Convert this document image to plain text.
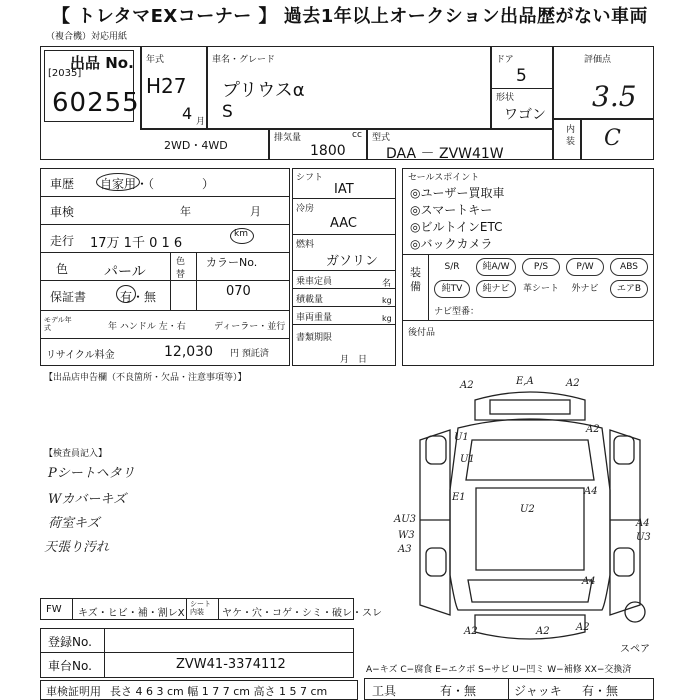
【 トレタマEXコーナー 】 過去1年以上オークション出品歴がない車両
（複合機）対応用紙
出品 No.
[2035]
60255
年式
H27
4 月
車名・グレード
プリウスα
S
ドア
5
形状
ワゴン
評価点
3.5
内装 C
2WD・4WD
排気量	cc
1800
型式
DAA － ZVW41W
車歴 自家用・（　　　　）
車検	年	月
走行 17万 1千 0 1 6
km
色	パール
色替
カラーNo.
070
保証書	有・無
モデル年式	年 ハンドル 左・右	ディーラー・並行
リサイクル料金	12,030 円 預託済
シフト
IAT
冷房
AAC
燃料
ガソリン
乗車定員	名
積載量	kg
車両重量	kg
書類期限
月　日
セールスポイント
◎ユーザー買取車
◎スマートキー
◎ビルトインETC
◎バックカメラ
装備
S/R	純A/W	P/S	P/W	ABS
純TV	純ナビ	革シート	外ナビ	エアB
ナビ型番：
後付品
【出品店申告欄（不良箇所・欠品・注意事項等）】
【検査員記入】
Pシートヘタリ
Wカバーキズ
荷室キズ
天張り汚れ
A2	E,A	A2
A2
U1
U1
E1
U2
A4
AU3
W3
A3
A4
U3
A4
A2	A2	A2
スペア
FW キズ・ヒビ・補・割レX
シート内装	ヤケ・穴・コゲ・シミ・破レ・スレ
登録No.
車台No.	ZVW41-3374112
車検証明用 長さ 4 6 3 cm 幅 1 7 7 cm 高さ 1 5 7 cm
A−キズ C−腐食 E−エクボ S−サビ U−凹ミ W−補修 XX−交換済
工具	有・無	ジャッキ 有・無
